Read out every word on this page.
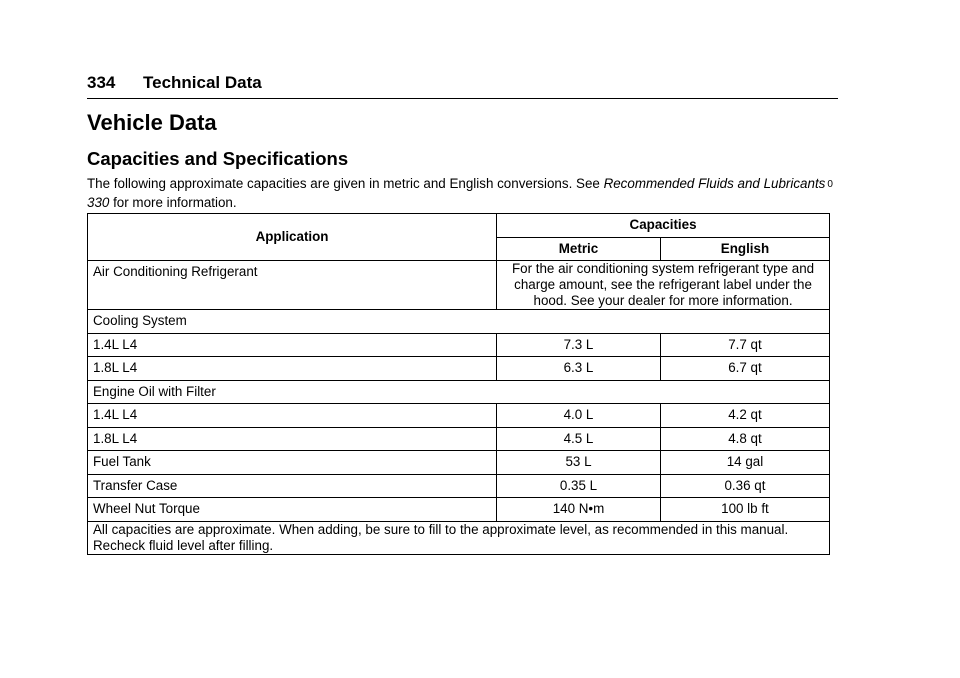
334 Technical Data
Vehicle Data
Capacities and Specifications

The following approximate capacities are given in metric and English conversions. See Recommended Fluids and Lubricants 0330 for more information.

Application	Capacities	
	Metric	English
Air Conditioning Refrigerant	For the air conditioning system refrigerant type and charge amount, see the refrigerant label under the hood. See your dealer for more information.	
Cooling System		
1.4L L4	7.3 L	7.7 qt
1.8L L4	6.3 L	6.7 qt
Engine Oil with Filter		
1.4L L4	4.0 L	4.2 qt
1.8L L4	4.5 L	4.8 qt
Fuel Tank	53 L	14 gal
Transfer Case	0.35 L	0.36 qt
Wheel Nut Torque	140 N•m	100 lb ft
All capacities are approximate. When adding, be sure to fill to the approximate level, as recommended in this manual. Recheck fluid level after filling.		
